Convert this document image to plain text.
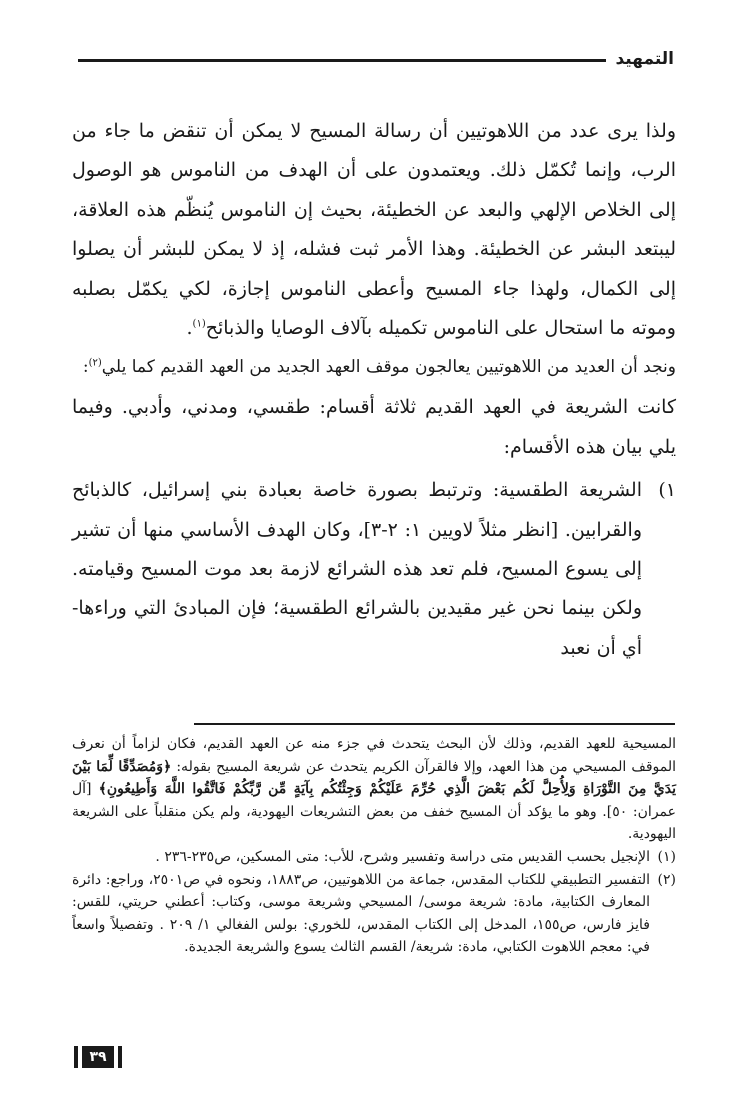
التمهيد

ولذا يرى عدد من اللاهوتيين أن رسالة المسيح لا يمكن أن تنقض ما جاء من الرب، وإنما تُكمّل ذلك. ويعتمدون على أن الهدف من الناموس هو الوصول إلى الخلاص الإلهي والبعد عن الخطيئة، بحيث إن الناموس يُنظّم هذه العلاقة، ليبتعد البشر عن الخطيئة. وهذا الأمر ثبت فشله، إذ لا يمكن للبشر أن يصلوا إلى الكمال، ولهذا جاء المسيح وأعطى الناموس إجازة، لكي يكمّل بصلبه وموته ما استحال على الناموس تكميله بآلاف الوصايا والذبائح$^{(١)}$.

ونجد أن العديد من اللاهوتيين يعالجون موقف العهد الجديد من العهد القديم كما يلي$^{(٢)}$:

كانت الشريعة في العهد القديم ثلاثة أقسام: طقسي، ومدني، وأدبي. وفيما يلي بيان هذه الأقسام:

١)
الشريعة الطقسية: وترتبط بصورة خاصة بعبادة بني إسرائيل، كالذبائح والقرابين. [انظر مثلاً لاويين ١: ٢-٣]، وكان الهدف الأساسي منها أن تشير إلى يسوع المسيح، فلم تعد هذه الشرائع لازمة بعد موت المسيح وقيامته. ولكن بينما نحن غير مقيدين بالشرائع الطقسية؛ فإن المبادئ التي وراءها- أي أن نعبد

المسيحية للعهد القديم، وذلك لأن البحث يتحدث في جزء منه عن العهد القديم، فكان لزاماً أن نعرف الموقف المسيحي من هذا العهد، وإلا فالقرآن الكريم يتحدث عن شريعة المسيح بقوله: ﴿وَمُصَدِّقًا لِّمَا بَيْنَ يَدَيَّ مِنَ التَّوْرَاةِ وَلِأُحِلَّ لَكُم بَعْضَ الَّذِي حُرِّمَ عَلَيْكُمْ وَجِئْتُكُم بِآيَةٍ مِّن رَّبِّكُمْ فَاتَّقُوا اللَّهَ وَأَطِيعُونِ﴾ [آل عمران: ٥٠]. وهو ما يؤكد أن المسيح خفف من بعض التشريعات اليهودية، ولم يكن منقلباً على الشريعة اليهودية.

(١)
الإنجيل بحسب القديس متى دراسة وتفسير وشرح، للأب: متى المسكين، ص٢٣٥-٢٣٦ .
(٢)
التفسير التطبيقي للكتاب المقدس، جماعة من اللاهوتيين، ص١٨٨٣، ونحوه في ص٢٥٠١، وراجع: دائرة المعارف الكتابية، مادة: شريعة موسى/ المسيحي وشريعة موسى، وكتاب: أعطني حريتي، للقس: فايز فارس، ص١٥٥، المدخل إلى الكتاب المقدس، للخوري: بولس الفغالي ١/ ٢٠٩ . وتفصيلاً واسعاً في: معجم اللاهوت الكتابي، مادة: شريعة/ القسم الثالث يسوع والشريعة الجديدة.
٣٩
